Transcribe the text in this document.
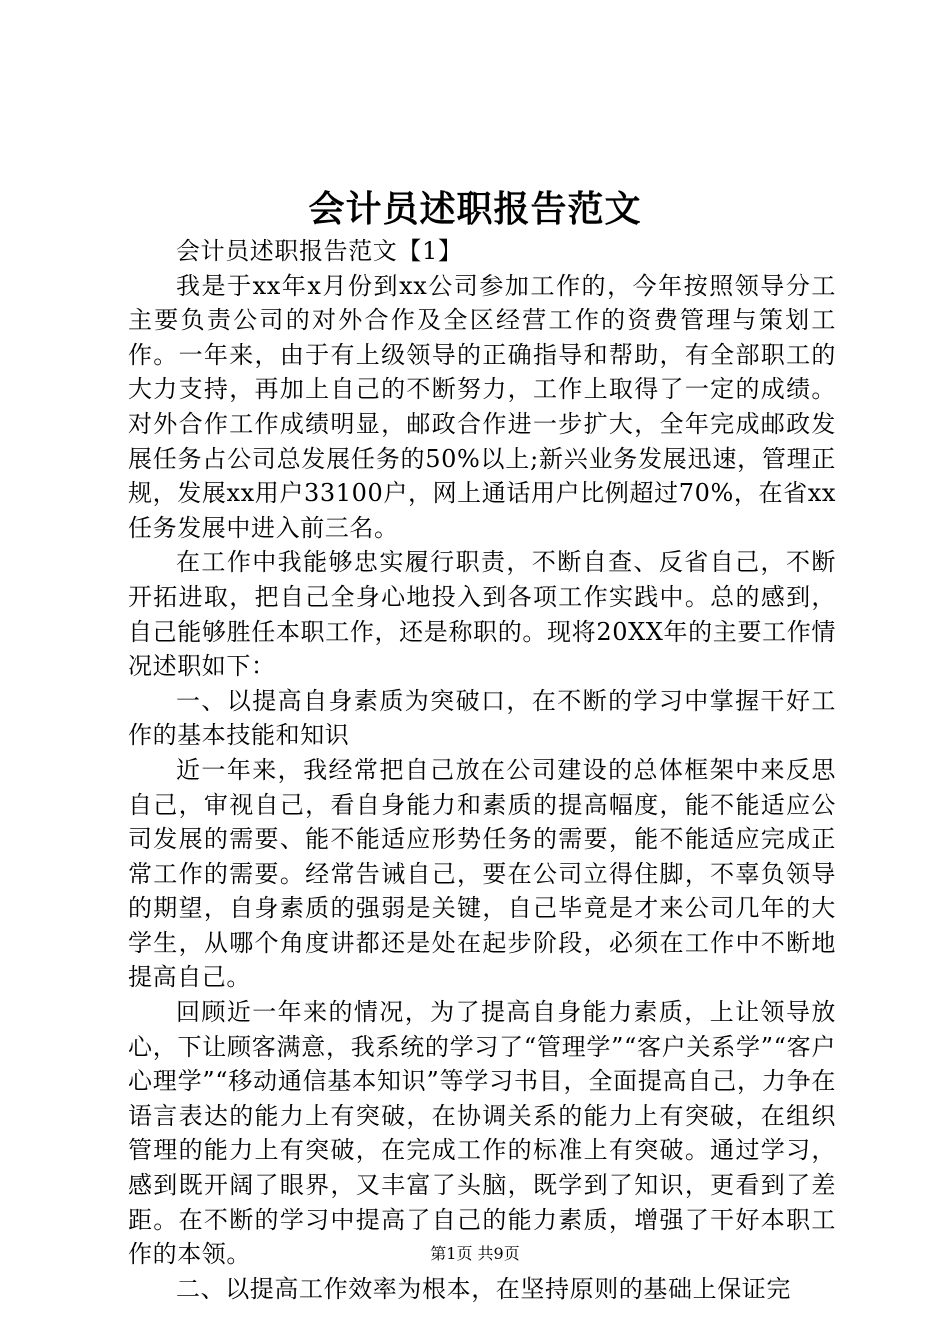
会计员述职报告范文

会计员述职报告范文【1】

我是于xx年x月份到xx公司参加工作的，今年按照领导分工主要负责公司的对外合作及全区经营工作的资费管理与策划工作。一年来，由于有上级领导的正确指导和帮助，有全部职工的大力支持，再加上自己的不断努力，工作上取得了一定的成绩。对外合作工作成绩明显，邮政合作进一步扩大，全年完成邮政发展任务占公司总发展任务的50%以上;新兴业务发展迅速，管理正规，发展xx用户33100户，网上通话用户比例超过70%，在省xx任务发展中进入前三名。

在工作中我能够忠实履行职责，不断自查、反省自己，不断开拓进取，把自己全身心地投入到各项工作实践中。总的感到，自己能够胜任本职工作，还是称职的。现将20XX年的主要工作情况述职如下：

一、以提高自身素质为突破口，在不断的学习中掌握干好工作的基本技能和知识

近一年来，我经常把自己放在公司建设的总体框架中来反思自己，审视自己，看自身能力和素质的提高幅度，能不能适应公司发展的需要、能不能适应形势任务的需要，能不能适应完成正常工作的需要。经常告诫自己，要在公司立得住脚，不辜负领导的期望，自身素质的强弱是关键，自己毕竟是才来公司几年的大学生，从哪个角度讲都还是处在起步阶段，必须在工作中不断地提高自己。

回顾近一年来的情况，为了提高自身能力素质，上让领导放心，下让顾客满意，我系统的学习了“管理学”“客户关系学”“客户心理学”“移动通信基本知识”等学习书目，全面提高自己，力争在语言表达的能力上有突破，在协调关系的能力上有突破，在组织管理的能力上有突破，在完成工作的标准上有突破。通过学习，感到既开阔了眼界，又丰富了头脑，既学到了知识，更看到了差距。在不断的学习中提高了自己的能力素质，增强了干好本职工作的本领。

二、以提高工作效率为根本，在坚持原则的基础上保证完

第1页 共9页
